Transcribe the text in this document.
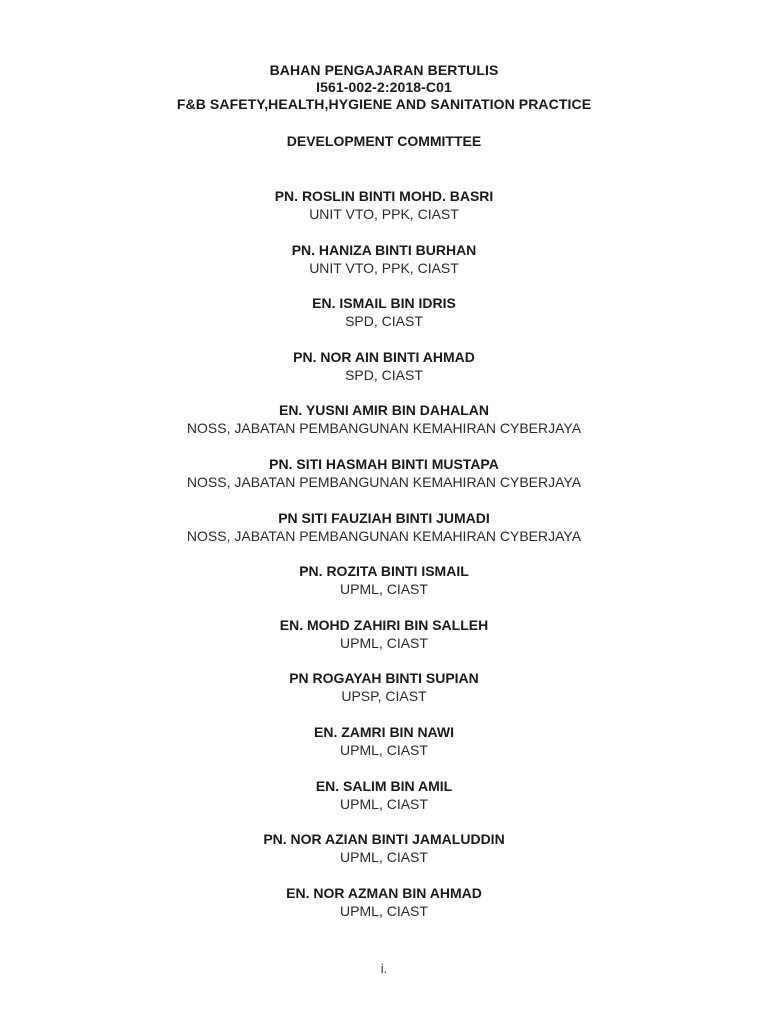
BAHAN PENGAJARAN BERTULIS
I561-002-2:2018-C01
F&B SAFETY,HEALTH,HYGIENE AND SANITATION PRACTICE
DEVELOPMENT COMMITTEE
PN. ROSLIN BINTI MOHD. BASRI
UNIT VTO, PPK, CIAST
PN. HANIZA BINTI BURHAN
UNIT VTO, PPK, CIAST
EN. ISMAIL BIN IDRIS
SPD, CIAST
PN. NOR AIN BINTI AHMAD
SPD, CIAST
EN. YUSNI AMIR BIN DAHALAN
NOSS, JABATAN PEMBANGUNAN KEMAHIRAN CYBERJAYA
PN. SITI HASMAH BINTI MUSTAPA
NOSS, JABATAN PEMBANGUNAN KEMAHIRAN CYBERJAYA
PN SITI FAUZIAH BINTI JUMADI
NOSS, JABATAN PEMBANGUNAN KEMAHIRAN CYBERJAYA
PN. ROZITA BINTI ISMAIL
UPML, CIAST
EN. MOHD ZAHIRI BIN SALLEH
UPML, CIAST
PN ROGAYAH BINTI SUPIAN
UPSP, CIAST
EN. ZAMRI BIN NAWI
UPML, CIAST
EN. SALIM BIN AMIL
UPML, CIAST
PN. NOR AZIAN BINTI JAMALUDDIN
UPML, CIAST
EN. NOR AZMAN BIN AHMAD
UPML, CIAST
i.
